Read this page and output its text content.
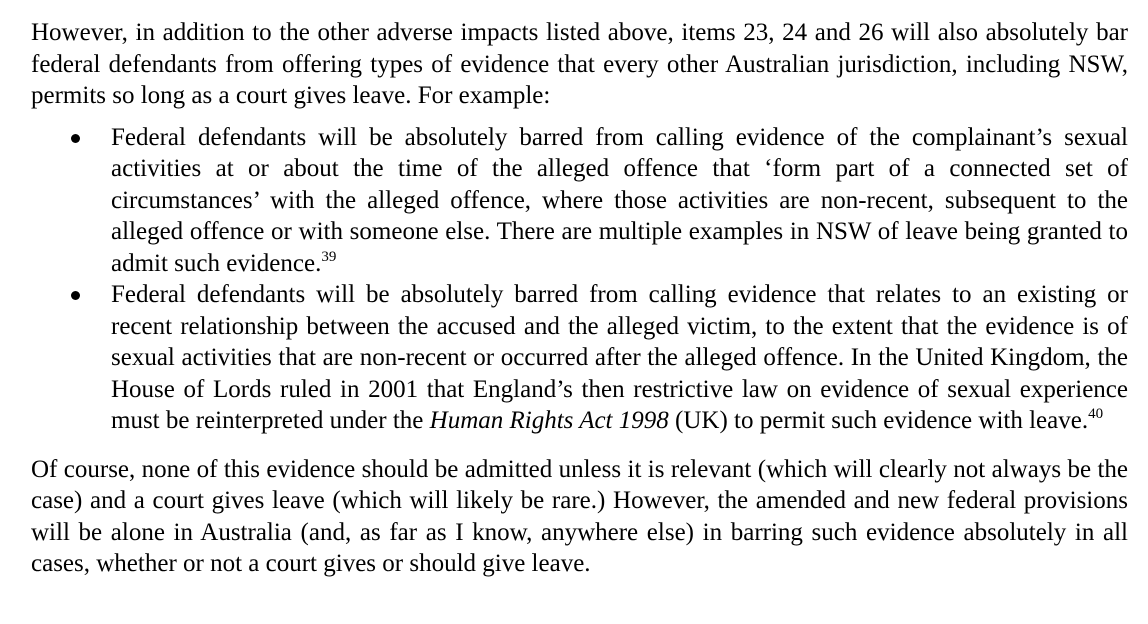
However, in addition to the other adverse impacts listed above, items 23, 24 and 26 will also absolutely bar federal defendants from offering types of evidence that every other Australian jurisdiction, including NSW, permits so long as a court gives leave. For example:

Federal defendants will be absolutely barred from calling evidence of the complainant’s sexual activities at or about the time of the alleged offence that ‘form part of a connected set of circumstances’ with the alleged offence, where those activities are non-recent, subsequent to the alleged offence or with someone else. There are multiple examples in NSW of leave being granted to admit such evidence.$^{39}$
Federal defendants will be absolutely barred from calling evidence that relates to an existing or recent relationship between the accused and the alleged victim, to the extent that the evidence is of sexual activities that are non-recent or occurred after the alleged offence. In the United Kingdom, the House of Lords ruled in 2001 that England’s then restrictive law on evidence of sexual experience must be reinterpreted under the Human Rights Act 1998 (UK) to permit such evidence with leave.$^{40}$

Of course, none of this evidence should be admitted unless it is relevant (which will clearly not always be the case) and a court gives leave (which will likely be rare.) However, the amended and new federal provisions will be alone in Australia (and, as far as I know, anywhere else) in barring such evidence absolutely in all cases, whether or not a court gives or should give leave.
